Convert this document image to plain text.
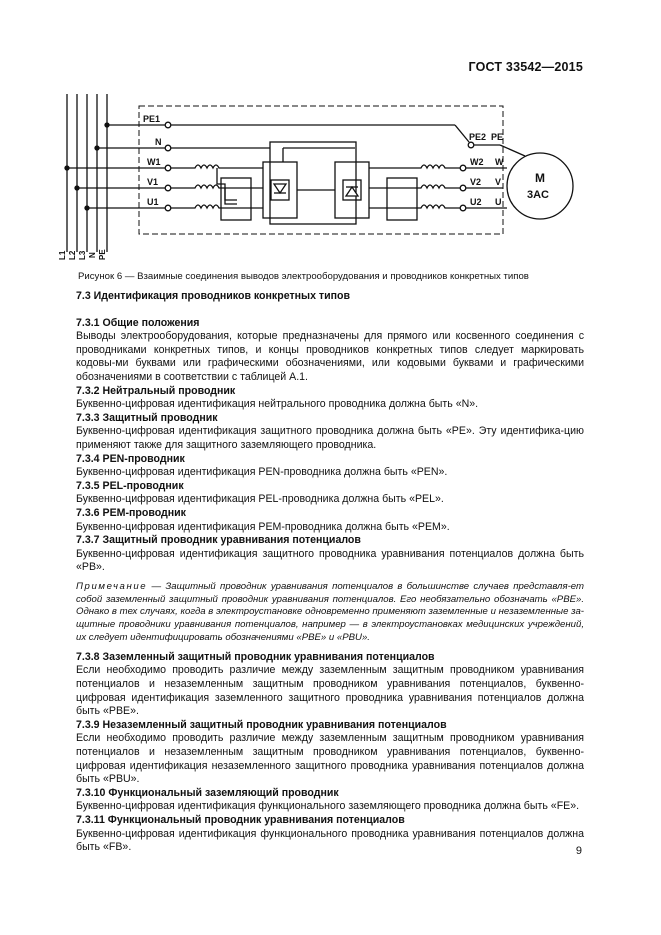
ГОСТ 33542—2015
PE1
N
W1
V1
U1
PE2 PE
W2 W
V2 V
U2 U
M
3AC
L1 L2 L3 N PE
Рисунок 6 — Взаимные соединения выводов электрооборудования и проводников конкретных типов

7.3 Идентификация проводников конкретных типов

7.3.1 Общие положения

Выводы электрооборудования, которые предназначены для прямого или косвенного соединения с проводниками конкретных типов, и концы проводников конкретных типов следует маркировать кодовы-ми буквами или графическими обозначениями, или кодовыми буквами и графическими обозначениями в соответствии с таблицей А.1.

7.3.2 Нейтральный проводник

Буквенно-цифровая идентификация нейтрального проводника должна быть «N».

7.3.3 Защитный проводник

Буквенно-цифровая идентификация защитного проводника должна быть «PE». Эту идентифика-цию применяют также для защитного заземляющего проводника.

7.3.4 PEN-проводник

Буквенно-цифровая идентификация PEN-проводника должна быть «PEN».

7.3.5 PEL-проводник

Буквенно-цифровая идентификация PEL-проводника должна быть «PEL».

7.3.6 PEM-проводник

Буквенно-цифровая идентификация PEM-проводника должна быть «PEM».

7.3.7 Защитный проводник уравнивания потенциалов

Буквенно-цифровая идентификация защитного проводника уравнивания потенциалов должна быть «PB».

Примечание — Защитный проводник уравнивания потенциалов в большинстве случаев представля-ет собой заземленный защитный проводник уравнивания потенциалов. Его необязательно обозначать «PBE». Однако в тех случаях, когда в электроустановке одновременно применяют заземленные и незаземленные за-щитные проводники уравнивания потенциалов, например — в электроустановках медицинских учреждений, их следует идентифицировать обозначениями «PBE» и «PBU».

7.3.8 Заземленный защитный проводник уравнивания потенциалов

Если необходимо проводить различие между заземленным защитным проводником уравнивания потенциалов и незаземленным защитным проводником уравнивания потенциалов, буквенно-цифровая идентификация заземленного защитного проводника уравнивания потенциалов должна быть «PBE».

7.3.9 Незаземленный защитный проводник уравнивания потенциалов

Если необходимо проводить различие между заземленным защитным проводником уравнивания потенциалов и незаземленным защитным проводником уравнивания потенциалов, буквенно-цифровая идентификация незаземленного защитного проводника уравнивания потенциалов должна быть «PBU».

7.3.10 Функциональный заземляющий проводник

Буквенно-цифровая идентификация функционального заземляющего проводника должна быть «FE».

7.3.11 Функциональный проводник уравнивания потенциалов

Буквенно-цифровая идентификация функционального проводника уравнивания потенциалов должна быть «FB».	9
